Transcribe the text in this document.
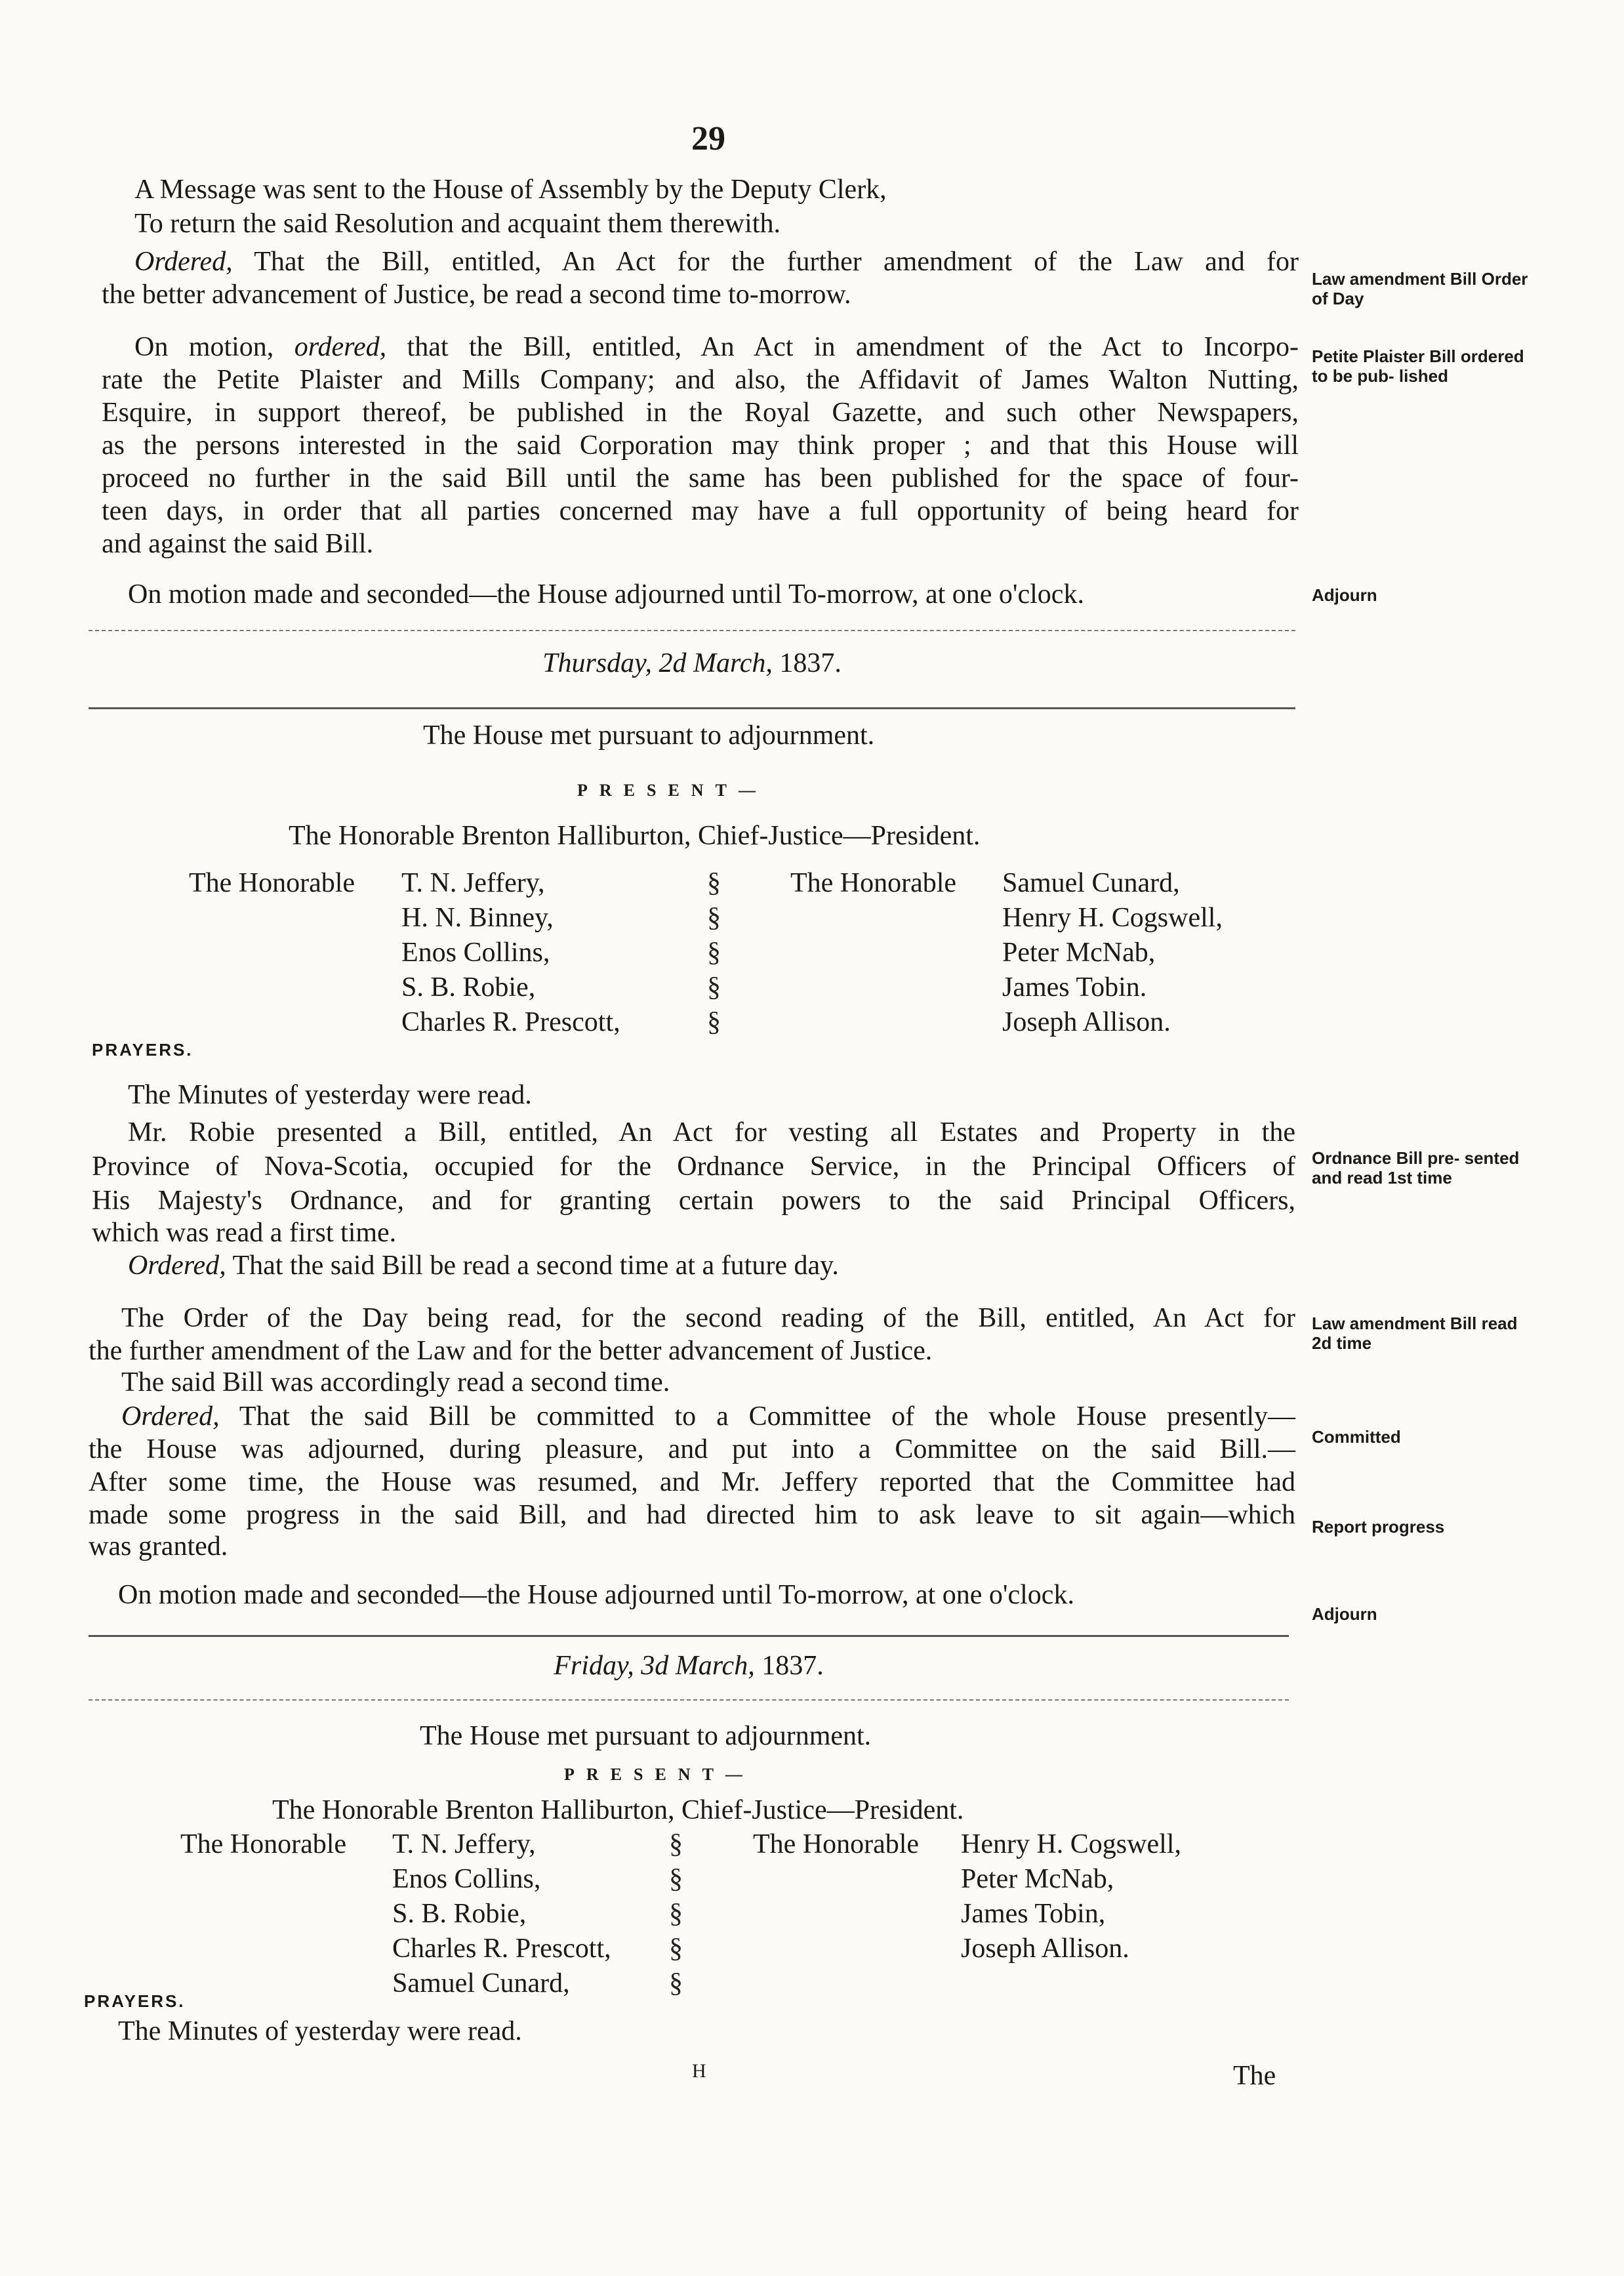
29
A Message was sent to the House of Assembly by the Deputy Clerk,
To return the said Resolution and acquaint them therewith.
Ordered, That the Bill, entitled, An Act for the further amendment of the Law and for
the better advancement of Justice, be read a second time to-morrow.
Law amendment Bill Order of Day
On motion, ordered, that the Bill, entitled, An Act in amendment of the Act to Incorpo-
rate the Petite Plaister and Mills Company; and also, the Affidavit of James Walton Nutting,
Esquire, in support thereof, be published in the Royal Gazette, and such other Newspapers,
as the persons interested in the said Corporation may think proper ; and that this House will
proceed no further in the said Bill until the same has been published for the space of four-
teen days, in order that all parties concerned may have a full opportunity of being heard for
and against the said Bill.
Petite Plaister Bill ordered to be pub- lished
On motion made and seconded—the House adjourned until To-morrow, at one o'clock.	Adjourn
Thursday, 2d March, 1837.
The House met pursuant to adjournment.
PRESENT—
The Honorable Brenton Halliburton, Chief-Justice—President.
The Honorable T. N. Jeffery,
H. N. Binney,
Enos Collins,
S. B. Robie,
Charles R. Prescott,
§
§
§
§
§
The Honorable Samuel Cunard,
Henry H. Cogswell,
Peter McNab,
James Tobin.
Joseph Allison.
PRAYERS.
The Minutes of yesterday were read.
Mr. Robie presented a Bill, entitled, An Act for vesting all Estates and Property in the
Province of Nova-Scotia, occupied for the Ordnance Service, in the Principal Officers of
His Majesty's Ordnance, and for granting certain powers to the said Principal Officers,
which was read a first time.
Ordnance Bill pre- sented and read 1st time
Ordered, That the said Bill be read a second time at a future day.
The Order of the Day being read, for the second reading of the Bill, entitled, An Act for
the further amendment of the Law and for the better advancement of Justice.
The said Bill was accordingly read a second time.
Law amendment Bill read 2d time
Ordered, That the said Bill be committed to a Committee of the whole House presently—
the House was adjourned, during pleasure, and put into a Committee on the said Bill.—
After some time, the House was resumed, and Mr. Jeffery reported that the Committee had
made some progress in the said Bill, and had directed him to ask leave to sit again—which
was granted.
Committed
Report progress
On motion made and seconded—the House adjourned until To-morrow, at one o'clock.
Adjourn
Friday, 3d March, 1837.
The House met pursuant to adjournment.
PRESENT—
The Honorable Brenton Halliburton, Chief-Justice—President.
The Honorable T. N. Jeffery,
Enos Collins,
S. B. Robie,
Charles R. Prescott,
Samuel Cunard,
§
§
§
§
§
The Honorable Henry H. Cogswell,
Peter McNab,
James Tobin,
Joseph Allison.
PRAYERS.
The Minutes of yesterday were read.
H	The
